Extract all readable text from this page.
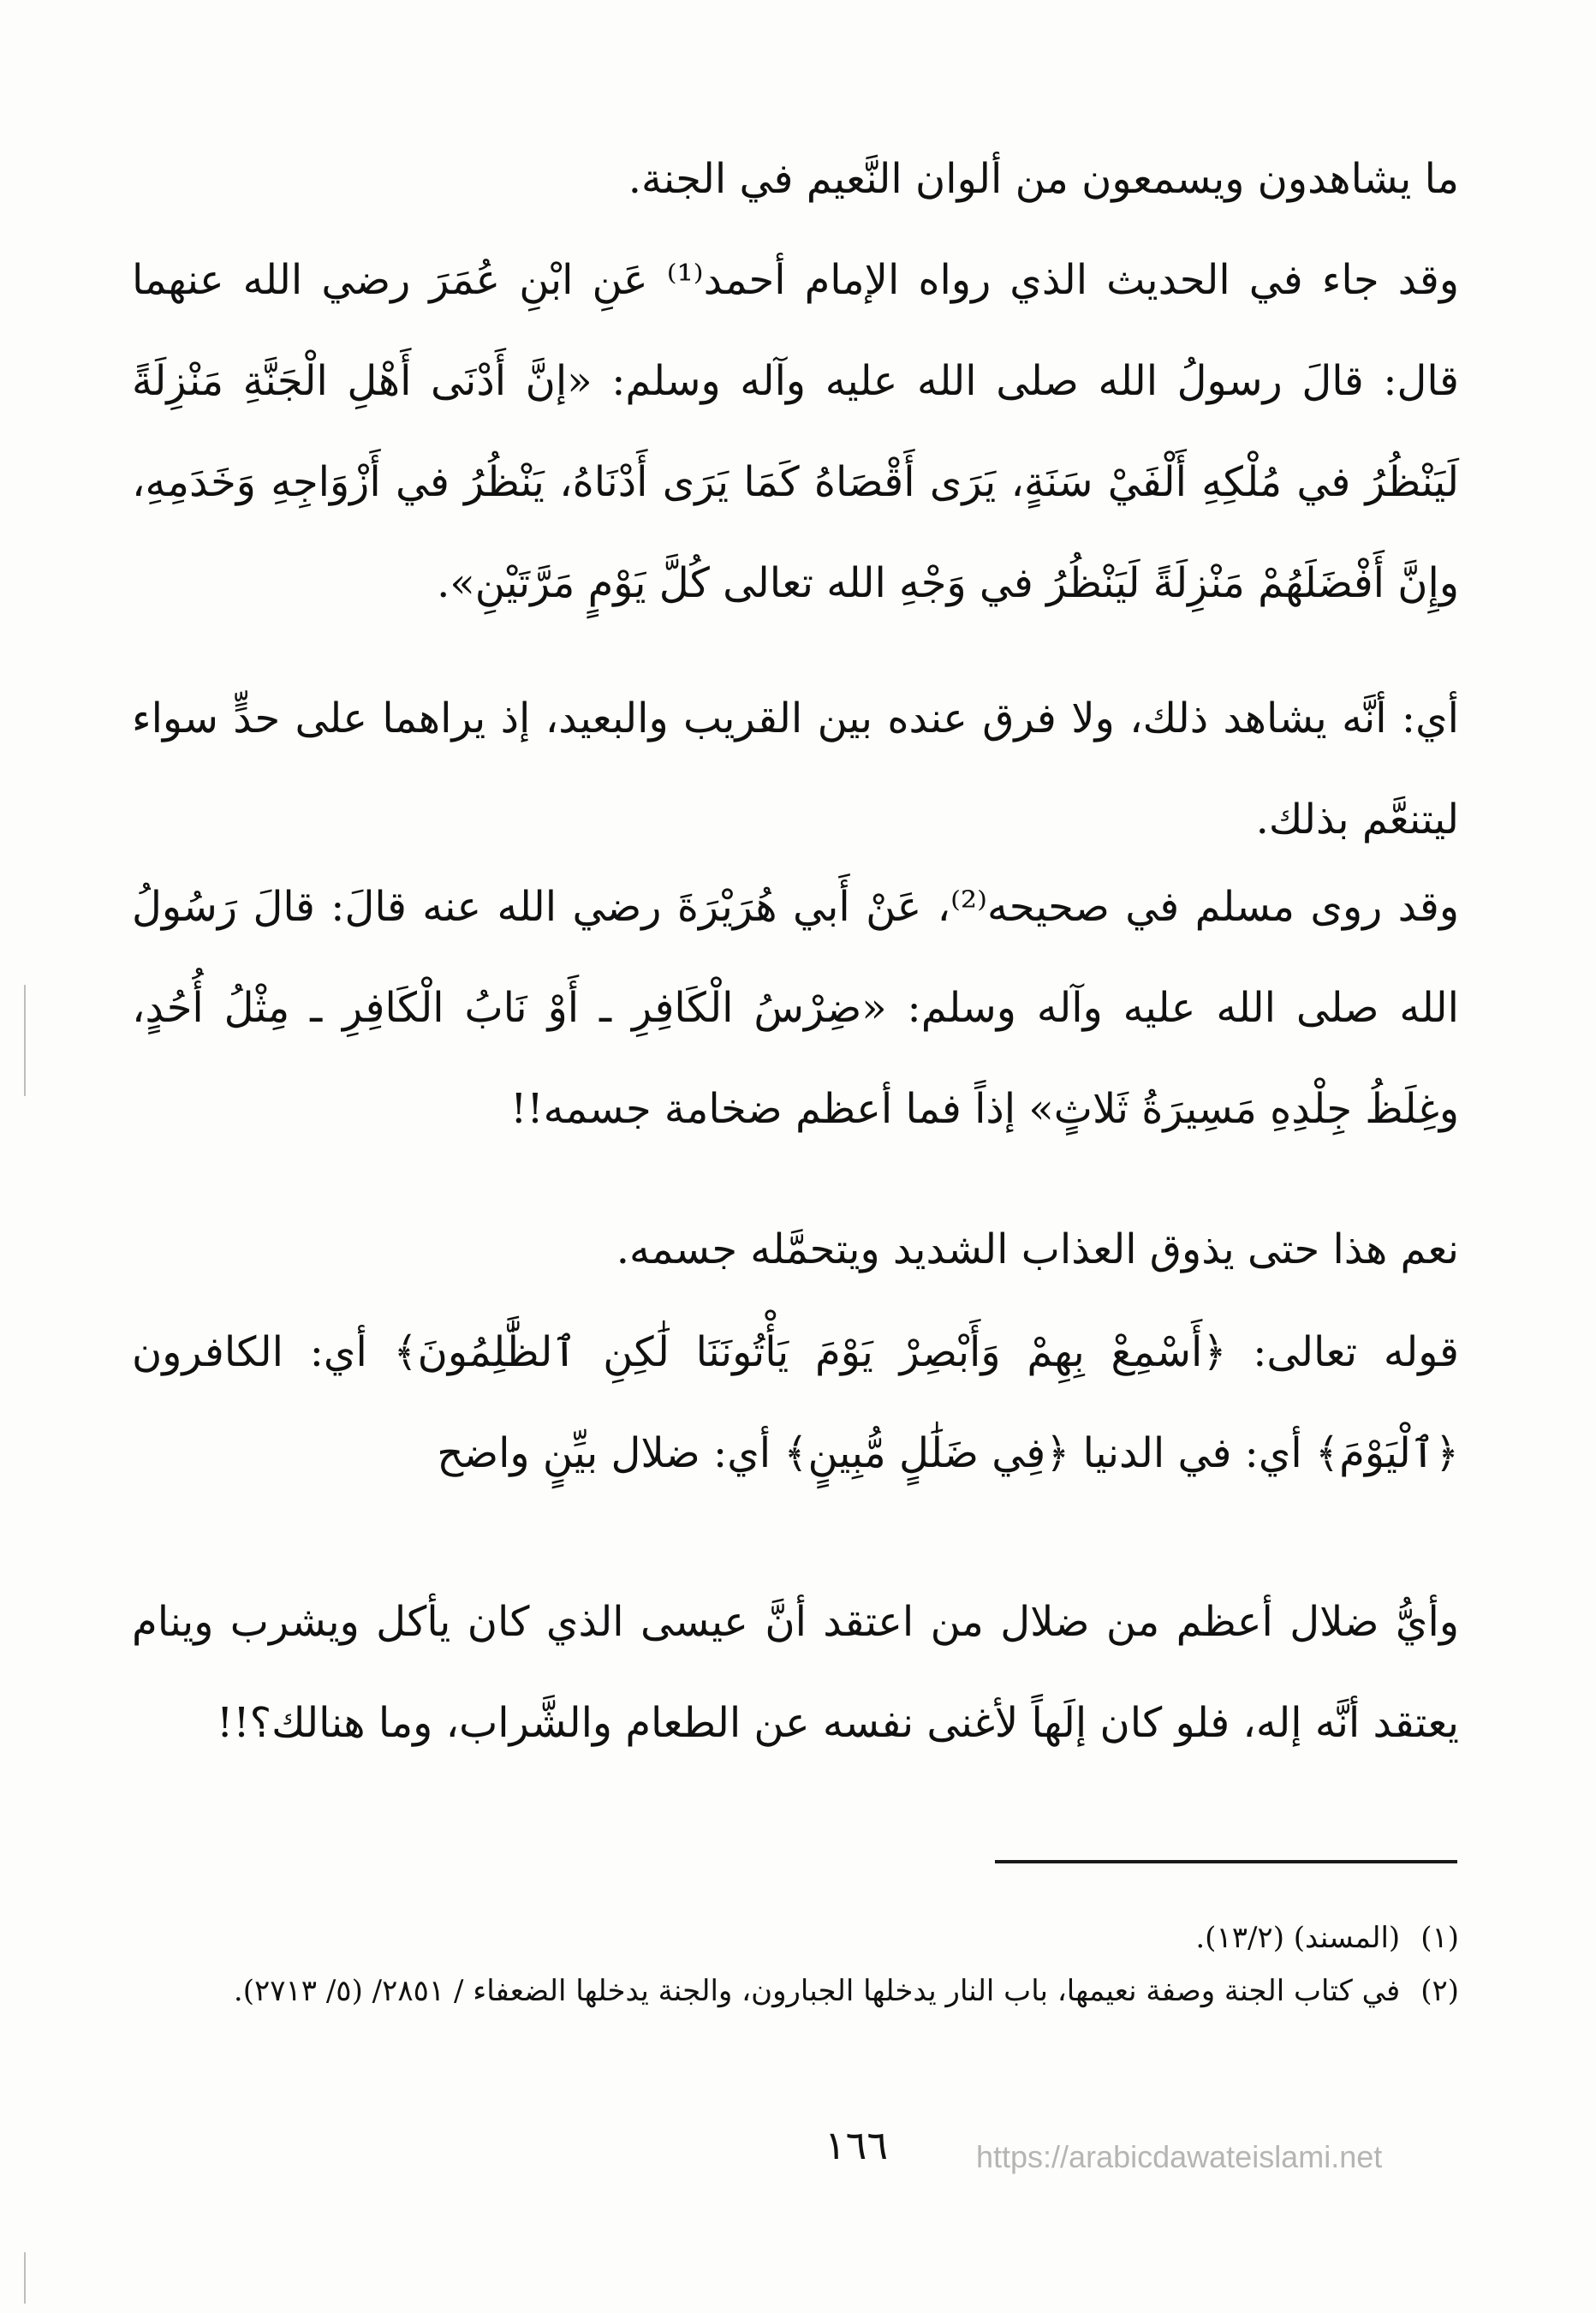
ما يشاهدون ويسمعون من ألوان النَّعيم في الجنة.

وقد جاء في الحديث الذي رواه الإمام أحمد⁽¹⁾ عَنِ ابْنِ عُمَرَ رضي الله عنهما قال: قالَ رسولُ الله صلى الله عليه وآله وسلم: «إنَّ أَدْنَى أَهْلِ الْجَنَّةِ مَنْزِلَةً لَيَنْظُرُ في مُلْكِهِ أَلْفَيْ سَنَةٍ، يَرَى أَقْصَاهُ كَمَا يَرَى أَدْنَاهُ، يَنْظُرُ في أَزْوَاجِهِ وَخَدَمِهِ، وإِنَّ أَفْضَلَهُمْ مَنْزِلَةً لَيَنْظُرُ في وَجْهِ الله تعالى كُلَّ يَوْمٍ مَرَّتَيْنِ».

أي: أنَّه يشاهد ذلك، ولا فرق عنده بين القريب والبعيد، إذ يراهما على حدٍّ سواء ليتنعَّم بذلك.

وقد روى مسلم في صحيحه⁽²⁾، عَنْ أَبي هُرَيْرَةَ رضي الله عنه قالَ: قالَ رَسُولُ الله صلى الله عليه وآله وسلم: «ضِرْسُ الْكَافِرِ ـ أَوْ نَابُ الْكَافِرِ ـ مِثْلُ أُحُدٍ، وغِلَظُ جِلْدِهِ مَسِيرَةُ ثَلاثٍ» إذاً فما أعظم ضخامة جسمه!!

نعم هذا حتى يذوق العذاب الشديد ويتحمَّله جسمه.

قوله تعالى: ﴿أَسْمِعْ بِهِمْ وَأَبْصِرْ يَوْمَ يَأْتُونَنَا لَٰكِنِ ٱلظَّٰلِمُونَ﴾ أي: الكافرون ﴿ٱلْيَوْمَ﴾ أي: في الدنيا ﴿فِي ضَلَٰلٍ مُّبِينٍ﴾ أي: ضلال بيِّنٍ واضح

وأيُّ ضلال أعظم من ضلال من اعتقد أنَّ عيسى الذي كان يأكل ويشرب وينام يعتقد أنَّه إله، فلو كان إلَهاً لأغنى نفسه عن الطعام والشَّراب، وما هنالك؟!!

(١)
(المسند) (١٣/٢).

(٢)
في كتاب الجنة وصفة نعيمها، باب النار يدخلها الجبارون، والجنة يدخلها الضعفاء / ٢٨٥١/ (٥/ ٢٧١٣).

١٦٦	https://arabicdawateislami.net
